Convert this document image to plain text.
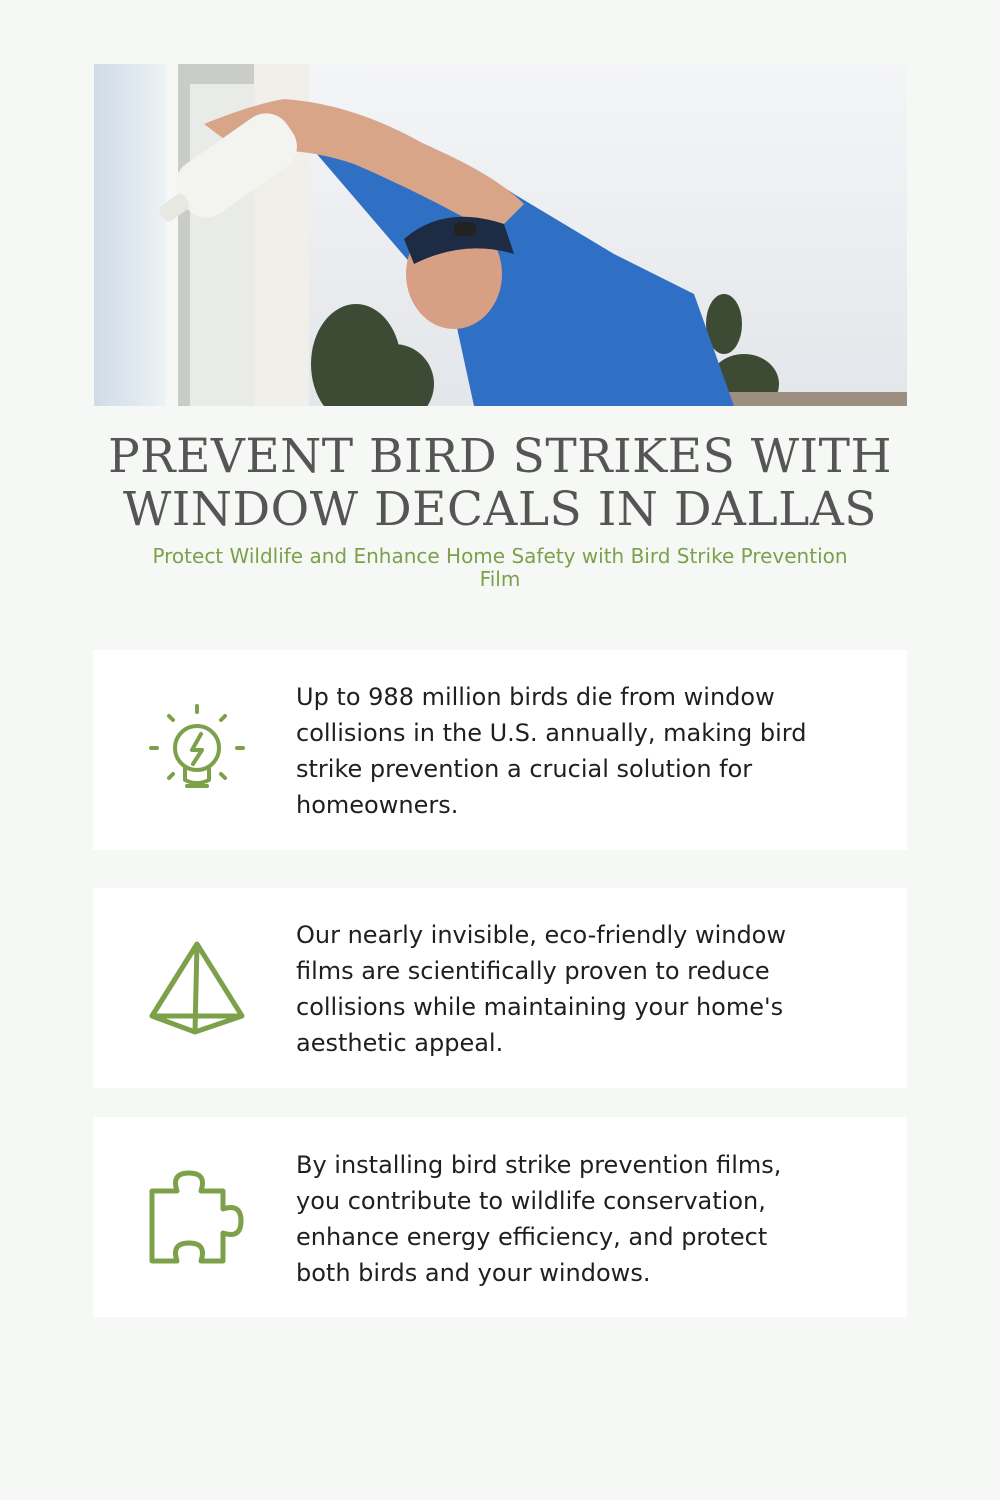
PREVENT BIRD STRIKES WITH WINDOW DECALS IN DALLAS
Protect Wildlife and Enhance Home Safety with Bird Strike Prevention Film
Up to 988 million birds die from window collisions in the U.S. annually, making bird strike prevention a crucial solution for homeowners.
Our nearly invisible, eco-friendly window films are scientifically proven to reduce collisions while maintaining your home's aesthetic appeal.
By installing bird strike prevention films, you contribute to wildlife conservation, enhance energy efficiency, and protect both birds and your windows.
